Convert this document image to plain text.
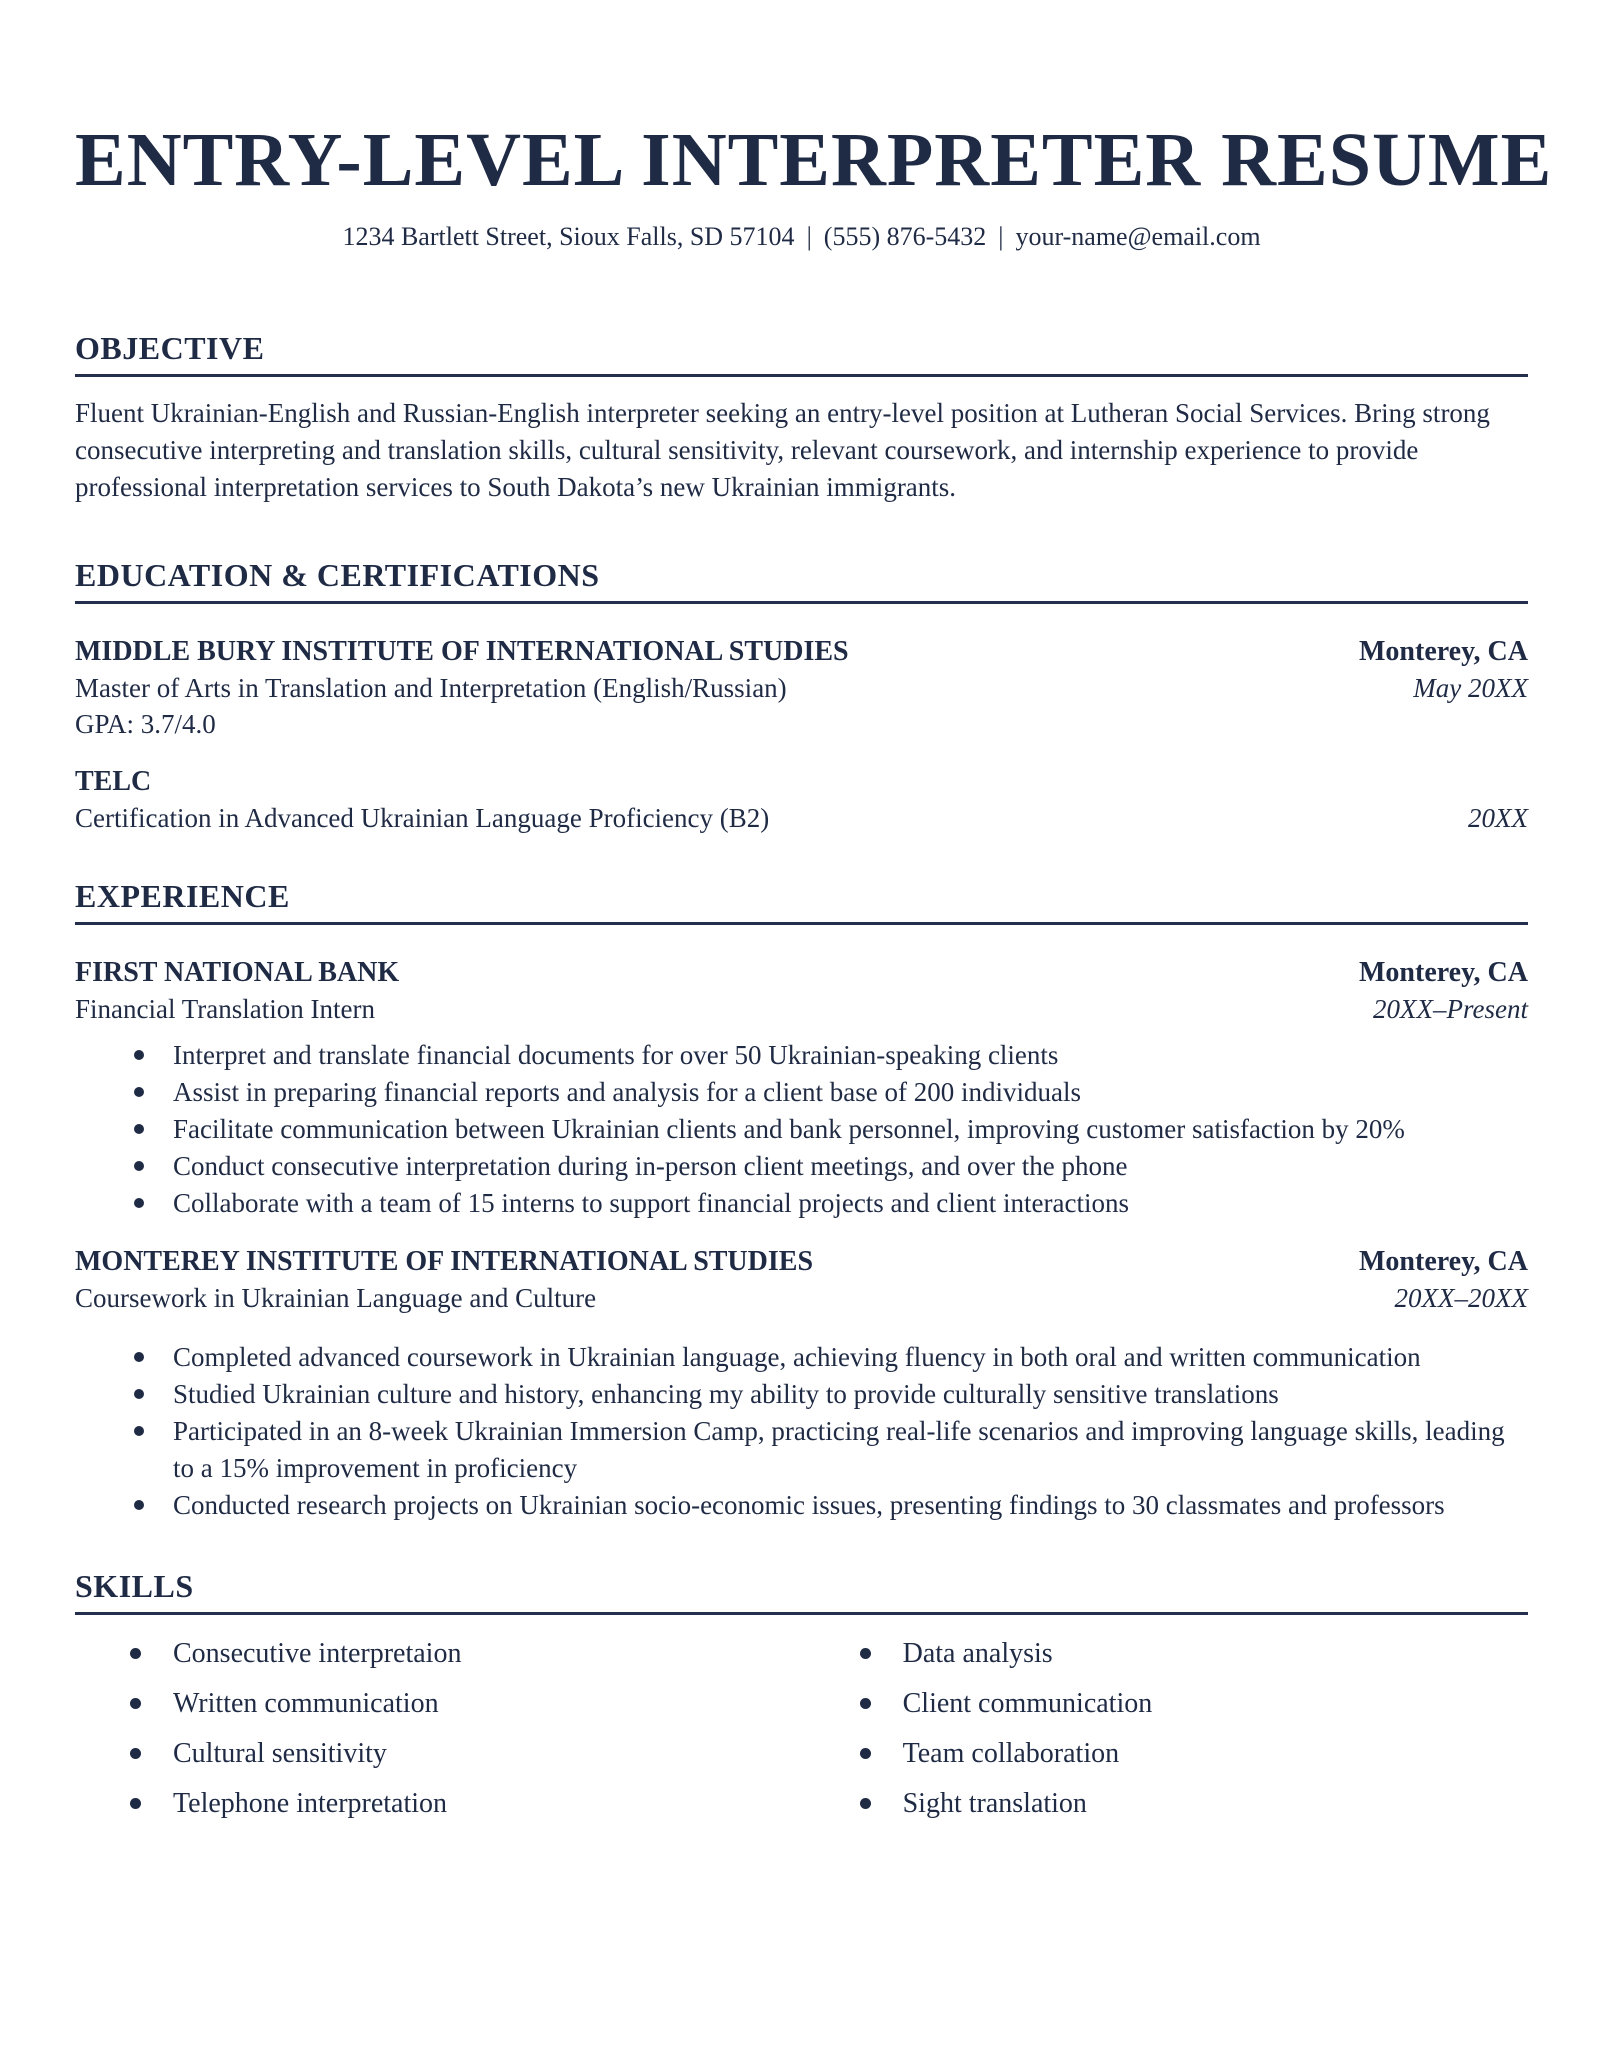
ENTRY-LEVEL INTERPRETER RESUME
1234 Bartlett Street, Sioux Falls, SD 57104 | (555) 876-5432 | your-name@email.com
OBJECTIVE

Fluent Ukrainian-English and Russian-English interpreter seeking an entry-level position at Lutheran Social Services. Bring strong consecutive interpreting and translation skills, cultural sensitivity, relevant coursework, and internship experience to provide professional interpretation services to South Dakota’s new Ukrainian immigrants.

EDUCATION & CERTIFICATIONS
MIDDLE BURY INSTITUTE OF INTERNATIONAL STUDIES	Monterey, CA
Master of Arts in Translation and Interpretation (English/Russian)	May 20XX
GPA: 3.7/4.0
TELC
Certification in Advanced Ukrainian Language Proficiency (B2)	20XX
EXPERIENCE
FIRST NATIONAL BANK	Monterey, CA
Financial Translation Intern	20XX–Present
Interpret and translate financial documents for over 50 Ukrainian-speaking clients
Assist in preparing financial reports and analysis for a client base of 200 individuals
Facilitate communication between Ukrainian clients and bank personnel, improving customer satisfaction by 20%
Conduct consecutive interpretation during in-person client meetings, and over the phone
Collaborate with a team of 15 interns to support financial projects and client interactions
MONTEREY INSTITUTE OF INTERNATIONAL STUDIES	Monterey, CA
Coursework in Ukrainian Language and Culture	20XX–20XX
Completed advanced coursework in Ukrainian language, achieving fluency in both oral and written communication
Studied Ukrainian culture and history, enhancing my ability to provide culturally sensitive translations
Participated in an 8-week Ukrainian Immersion Camp, practicing real-life scenarios and improving language skills, leading to a 15% improvement in proficiency
Conducted research projects on Ukrainian socio-economic issues, presenting findings to 30 classmates and professors
SKILLS
Consecutive interpretaion
Written communication
Cultural sensitivity
Telephone interpretation
Data analysis
Client communication
Team collaboration
Sight translation
